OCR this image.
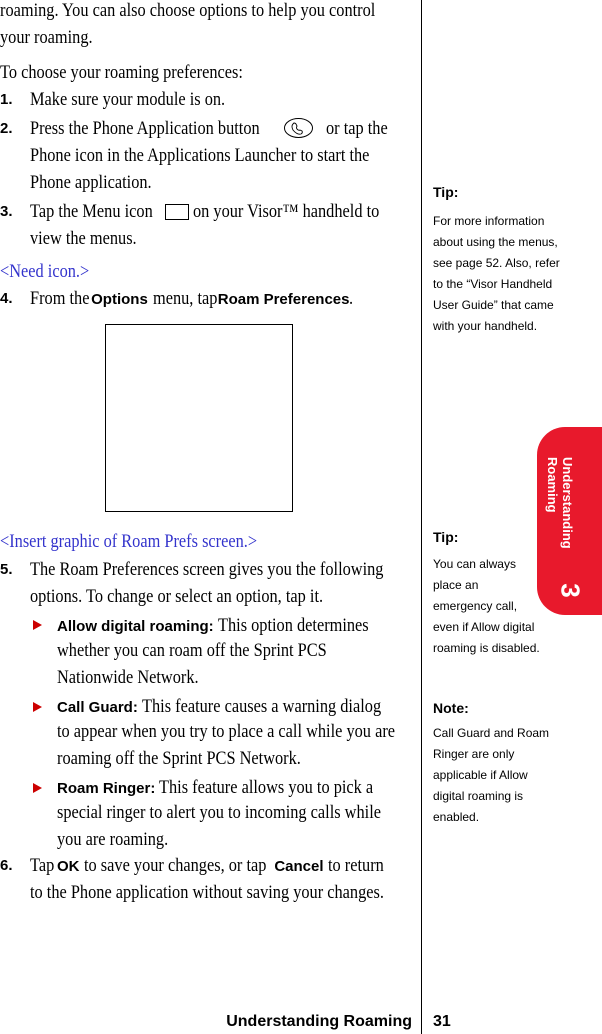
roaming. You can also choose options to help you control
your roaming.
To choose your roaming preferences:
1. Make sure your module is on.
2. Press the Phone Application button	or tap the
Phone icon in the Applications Launcher to start the
Phone application.
3. Tap the Menu icon on your Visor™ handheld to
view the menus.
<Need icon.>
4. From the Options menu, tapRoam Preferences.
<Insert graphic of Roam Prefs screen.>
5. The Roam Preferences screen gives you the following
options. To change or select an option, tap it.
Allow digital roaming: This option determines
whether you can roam off the Sprint PCS
Nationwide Network.
Call Guard: This feature causes a warning dialog
to appear when you try to place a call while you are
roaming off the Sprint PCS Network.
Roam Ringer: This feature allows you to pick a
special ringer to alert you to incoming calls while
you are roaming.
6. Tap OK to save your changes, or tap Cancel to return
to the Phone application without saving your changes.
Tip:
For more information
about using the menus,
see page 52. Also, refer
to the “Visor Handheld
User Guide” that came
with your handheld.
Understanding
Roaming
3
Tip:
You can always
place an
emergency call,
even if Allow digital
roaming is disabled.
Note:
Call Guard and Roam
Ringer are only
applicable if Allow
digital roaming is
enabled.
Understanding Roaming 31
